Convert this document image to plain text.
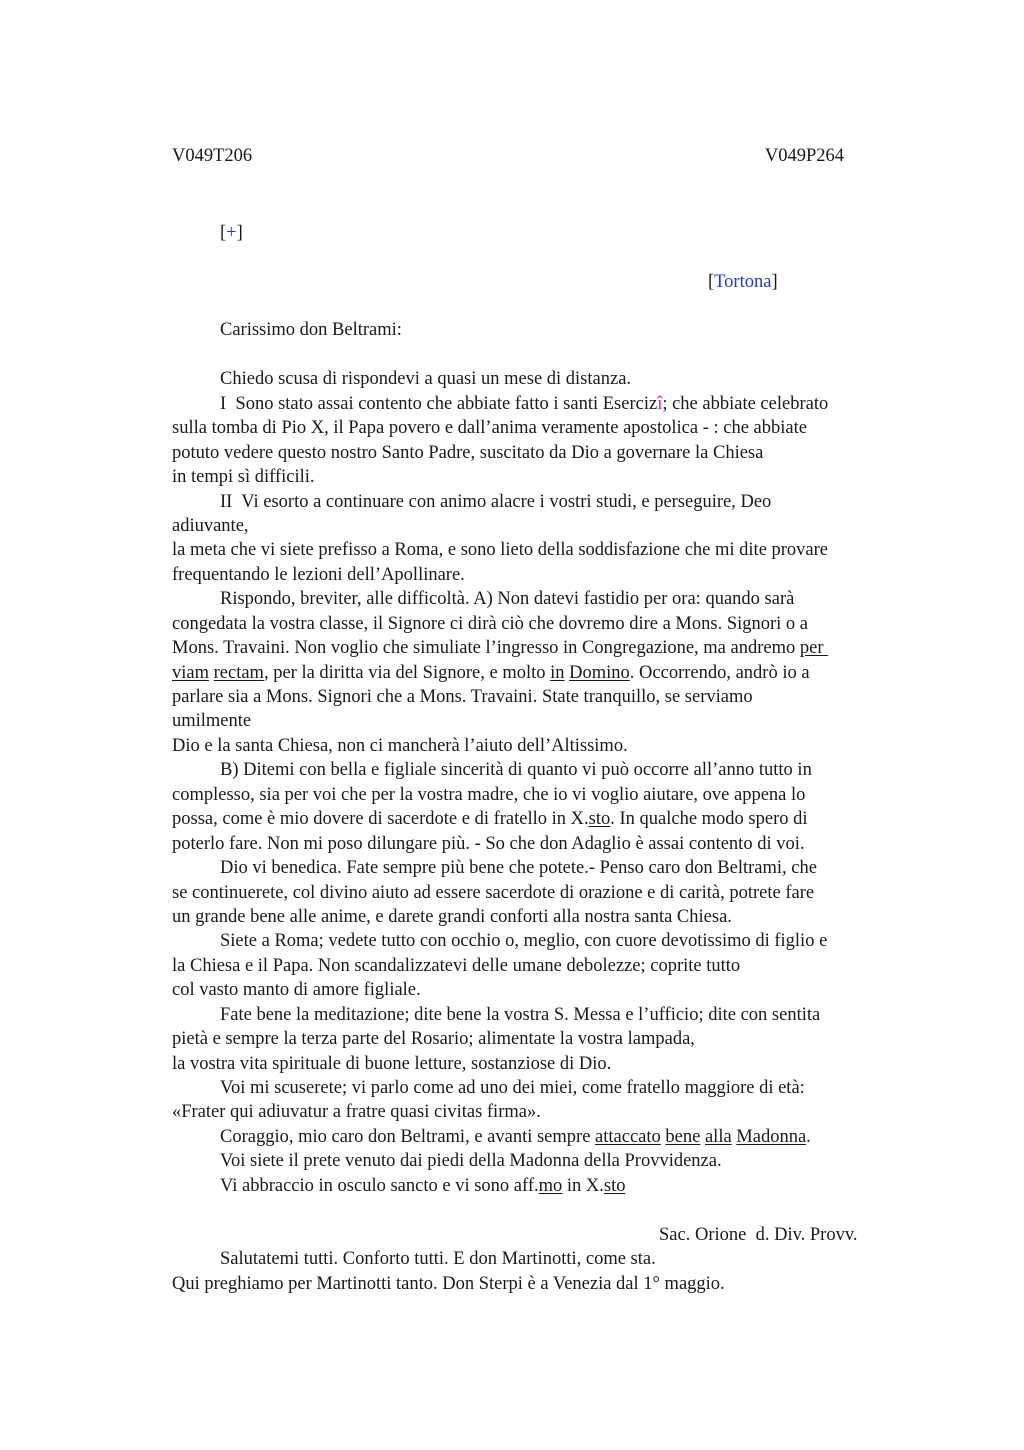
V049T206	V049P264
[+]
[Tortona]
Carissimo don Beltrami:
Chiedo scusa di rispondevi a quasi un mese di distanza.
I  Sono stato assai contento che abbiate fatto i santi Esercizî; che abbiate celebrato
sulla tomba di Pio X, il Papa povero e dall’anima veramente apostolica - : che abbiate
potuto vedere questo nostro Santo Padre, suscitato da Dio a governare la Chiesa
in tempi sì difficili.
II  Vi esorto a continuare con animo alacre i vostri studi, e perseguire, Deo
adiuvante,
la meta che vi siete prefisso a Roma, e sono lieto della soddisfazione che mi dite provare
frequentando le lezioni dell’Apollinare.
Rispondo, breviter, alle difficoltà. A) Non datevi fastidio per ora: quando sarà
congedata la vostra classe, il Signore ci dirà ciò che dovremo dire a Mons. Signori o a
Mons. Travaini. Non voglio che simuliate l’ingresso in Congregazione, ma andremo per
viam rectam, per la diritta via del Signore, e molto in Domino. Occorrendo, andrò io a
parlare sia a Mons. Signori che a Mons. Travaini. State tranquillo, se serviamo
umilmente
Dio e la santa Chiesa, non ci mancherà l’aiuto dell’Altissimo.
B) Ditemi con bella e figliale sincerità di quanto vi può occorre all’anno tutto in
complesso, sia per voi che per la vostra madre, che io vi voglio aiutare, ove appena lo
possa, come è mio dovere di sacerdote e di fratello in X.sto. In qualche modo spero di
poterlo fare. Non mi poso dilungare più. - So che don Adaglio è assai contento di voi.
Dio vi benedica. Fate sempre più bene che potete.- Penso caro don Beltrami, che
se continuerete, col divino aiuto ad essere sacerdote di orazione e di carità, potrete fare
un grande bene alle anime, e darete grandi conforti alla nostra santa Chiesa.
Siete a Roma; vedete tutto con occhio o, meglio, con cuore devotissimo di figlio e
la Chiesa e il Papa. Non scandalizzatevi delle umane debolezze; coprite tutto
col vasto manto di amore figliale.
Fate bene la meditazione; dite bene la vostra S. Messa e l’ufficio; dite con sentita
pietà e sempre la terza parte del Rosario; alimentate la vostra lampada,
la vostra vita spirituale di buone letture, sostanziose di Dio.
Voi mi scuserete; vi parlo come ad uno dei miei, come fratello maggiore di età:
«Frater qui adiuvatur a fratre quasi civitas firma».
Coraggio, mio caro don Beltrami, e avanti sempre attaccato bene alla Madonna.
Voi siete il prete venuto dai piedi della Madonna della Provvidenza.
Vi abbraccio in osculo sancto e vi sono aff.mo in X.sto
Sac. Orione  d. Div. Provv.
Salutatemi tutti. Conforto tutti. E don Martinotti, come sta.
Qui preghiamo per Martinotti tanto. Don Sterpi è a Venezia dal 1° maggio.
